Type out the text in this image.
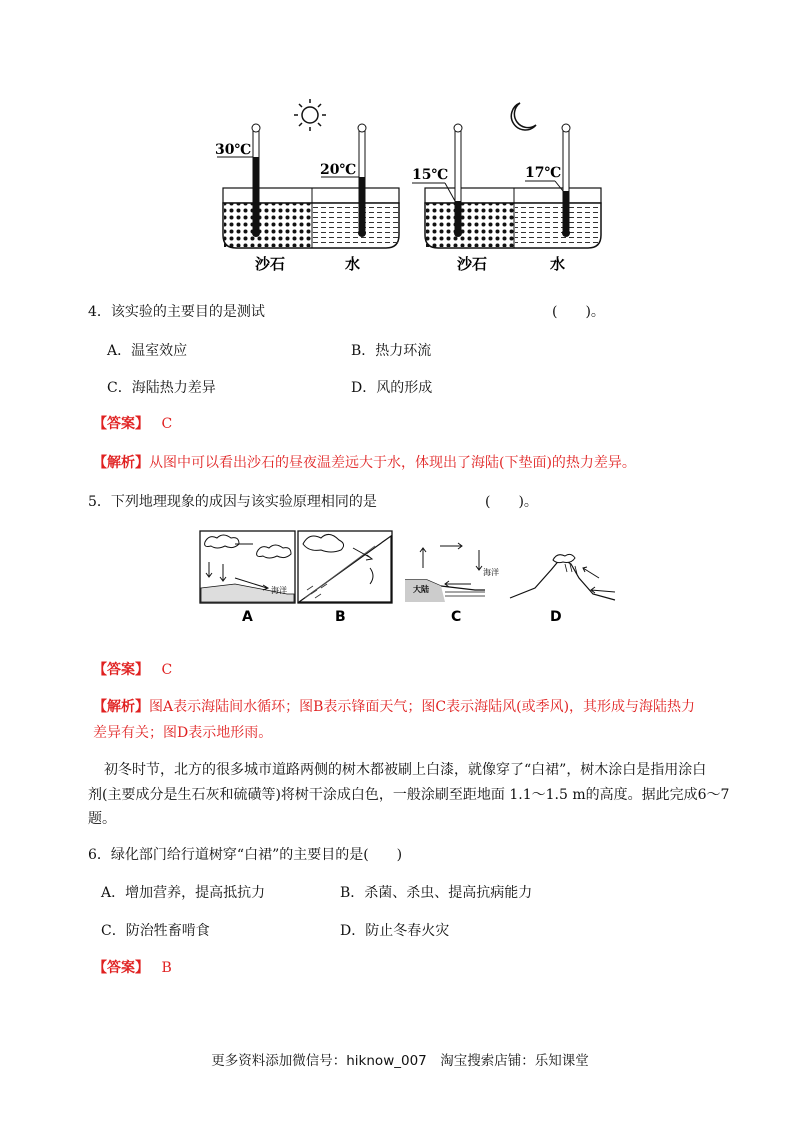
30℃
20℃
沙石	水
15℃	17℃
沙石	水
4．该实验的主要目的是测试	(　　)。
A．温室效应	B．热力环流
C．海陆热力差异	D．风的形成
【答案】 C
【解析】从图中可以看出沙石的昼夜温差远大于水，体现出了海陆(下垫面)的热力差异。
5．下列地理现象的成因与该实验原理相同的是	(　　)。
海洋
海洋
大陆
A	B	C	D
【答案】 C
【解析】图A表示海陆间水循环；图B表示锋面天气；图C表示海陆风(或季风)，其形成与海陆热力
差异有关；图D表示地形雨。
初冬时节，北方的很多城市道路两侧的树木都被刷上白漆，就像穿了“白裙”，树木涂白是指用涂白
剂(主要成分是生石灰和硫磺等)将树干涂成白色，一般涂刷至距地面 1.1～1.5 m的高度。据此完成6～7
题。
6．绿化部门给行道树穿“白裙”的主要目的是(　　)
A．增加营养，提高抵抗力	B．杀菌、杀虫、提高抗病能力
C．防治牲畜啃食	D．防止冬春火灾
【答案】 B
更多资料添加微信号：hiknow_007　淘宝搜索店铺：乐知课堂
